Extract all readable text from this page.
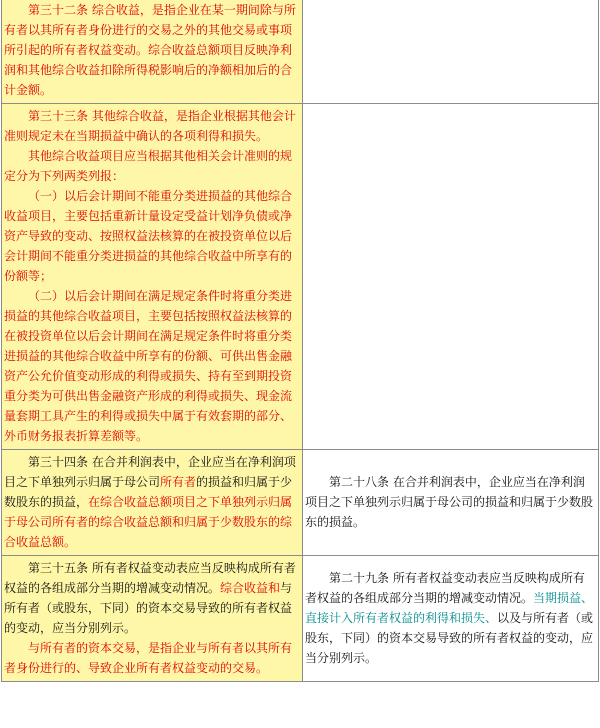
第三十二条 综合收益，是指企业在某一期间除与所有者以其所有者身份进行的交易之外的其他交易或事项所引起的所有者权益变动。综合收益总额项目反映净利润和其他综合收益扣除所得税影响后的净额相加后的合计金额。	

第三十三条 其他综合收益，是指企业根据其他会计准则规定未在当期损益中确认的各项利得和损失。

其他综合收益项目应当根据其他相关会计准则的规定分为下列两类列报：

（一）以后会计期间不能重分类进损益的其他综合收益项目，主要包括重新计量设定受益计划净负债或净资产导致的变动、按照权益法核算的在被投资单位以后会计期间不能重分类进损益的其他综合收益中所享有的份额等；

（二）以后会计期间在满足规定条件时将重分类进损益的其他综合收益项目，主要包括按照权益法核算的在被投资单位以后会计期间在满足规定条件时将重分类进损益的其他综合收益中所享有的份额、可供出售金融资产公允价值变动形成的利得或损失、持有至到期投资重分类为可供出售金融资产形成的利得或损失、现金流量套期工具产生的利得或损失中属于有效套期的部分、外币财务报表折算差额等。	

第三十四条 在合并利润表中，企业应当在净利润项目之下单独列示归属于母公司所有者的损益和归属于少数股东的损益，在综合收益总额项目之下单独列示归属于母公司所有者的综合收益总额和归属于少数股东的综合收益总额。	第二十八条 在合并利润表中，企业应当在净利润项目之下单独列示归属于母公司的损益和归属于少数股东的损益。

第三十五条 所有者权益变动表应当反映构成所有者权益的各组成部分当期的增减变动情况。综合收益和与所有者（或股东，下同）的资本交易导致的所有者权益的变动，应当分别列示。

与所有者的资本交易，是指企业与所有者以其所有者身份进行的、导致企业所有者权益变动的交易。	第二十九条 所有者权益变动表应当反映构成所有者权益的各组成部分当期的增减变动情况。当期损益、直接计入所有者权益的利得和损失、以及与所有者（或股东，下同）的资本交易导致的所有者权益的变动，应当分别列示。
